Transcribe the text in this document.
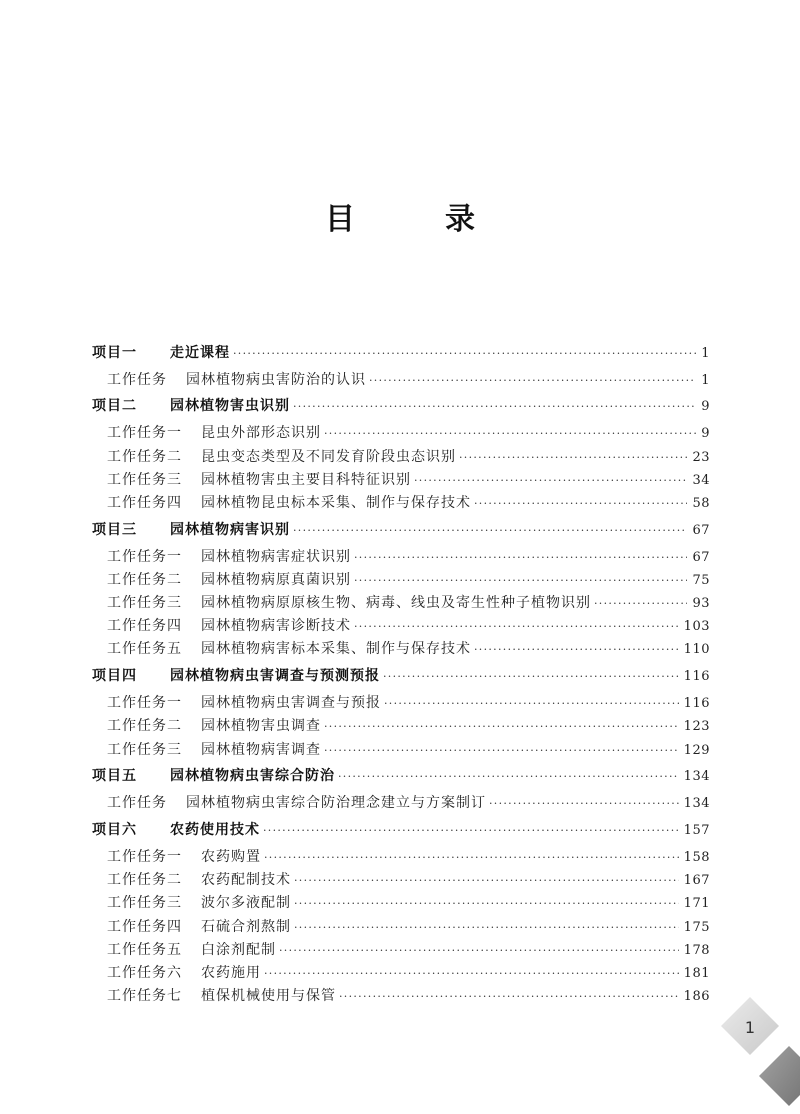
目录
项目一	走近课程 ·····	1
工作任务 园林植物病虫害防治的认识 ·····	1
项目二	园林植物害虫识别 ·····	9
工作任务一 昆虫外部形态识别 ·····	9
工作任务二 昆虫变态类型及不同发育阶段虫态识别 ·····	23
工作任务三 园林植物害虫主要目科特征识别 ·····	34
工作任务四 园林植物昆虫标本采集、制作与保存技术 ·····	58
项目三	园林植物病害识别 ·····	67
工作任务一 园林植物病害症状识别 ·····	67
工作任务二 园林植物病原真菌识别 ·····	75
工作任务三 园林植物病原原核生物、病毒、线虫及寄生性种子植物识别 ·····	93
工作任务四 园林植物病害诊断技术 ·····	103
工作任务五 园林植物病害标本采集、制作与保存技术 ·····	110
项目四	园林植物病虫害调查与预测预报 ·····	116
工作任务一 园林植物病虫害调查与预报 ·····	116
工作任务二 园林植物害虫调查 ·····	123
工作任务三 园林植物病害调查 ·····	129
项目五	园林植物病虫害综合防治 ·····	134
工作任务 园林植物病虫害综合防治理念建立与方案制订 ·····	134
项目六	农药使用技术 ·····	157
工作任务一 农药购置 ·····	158
工作任务二 农药配制技术 ·····	167
工作任务三 波尔多液配制 ·····	171
工作任务四 石硫合剂熬制 ·····	175
工作任务五 白涂剂配制 ·····	178
工作任务六 农药施用 ·····	181
工作任务七 植保机械使用与保管 ·····	186
1
